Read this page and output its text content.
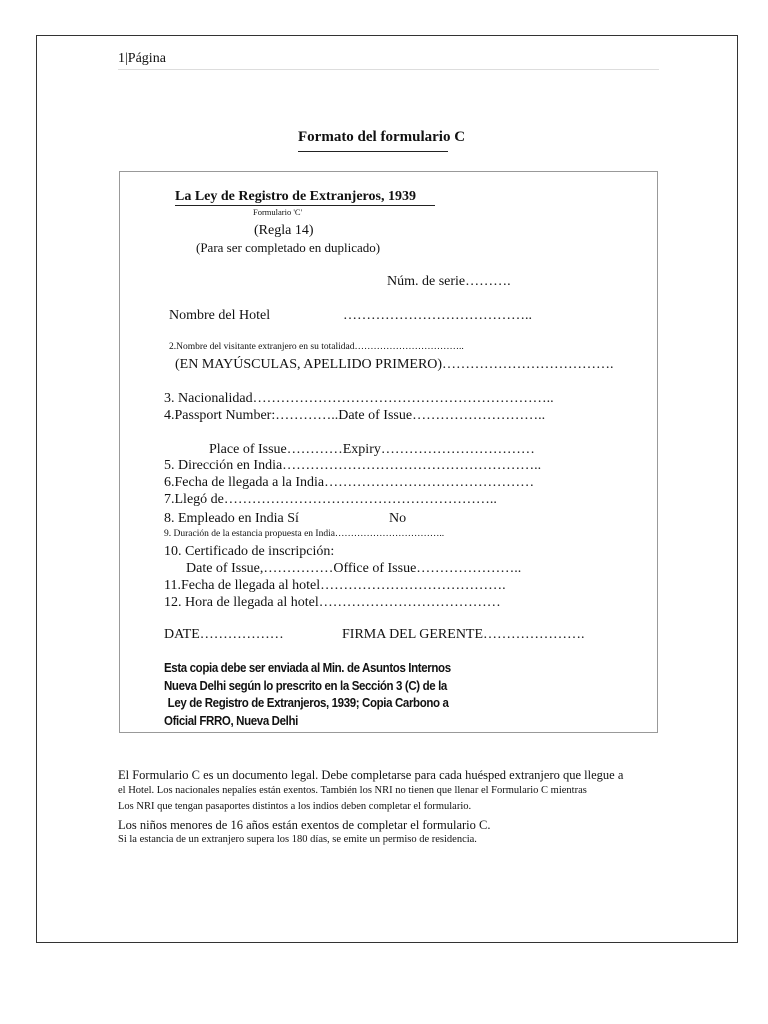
1|Página
Formato del formulario C
La Ley de Registro de Extranjeros, 1939
Formulario 'C'
(Regla 14)
(Para ser completado en duplicado)
Núm. de serie……….
Nombre del Hotel	…………………………………..
2.Nombre del visitante extranjero en su totalidad……………………………..
(EN MAYÚSCULAS, APELLIDO PRIMERO)……………………………….
3. Nacionalidad………………………………………………………..
4.Passport Number:…………..Date of Issue………………………..
Place of Issue…………Expiry……………………………
5. Dirección en India………………………………………………..
6.Fecha de llegada a la India………………………………………
7.Llegó de…………………………………………………..
8. Empleado en India Sí	No
9. Duración de la estancia propuesta en India……………………………..
10. Certificado de inscripción:
Date of Issue,……………Office of Issue…………………..
11.Fecha de llegada al hotel………………………………….
12. Hora de llegada al hotel…………………………………
DATE………………	FIRMA DEL GERENTE………………….
Esta copia debe ser enviada al Min. de Asuntos Internos
Nueva Delhi según lo prescrito en la Sección 3 (C) de la
Ley de Registro de Extranjeros, 1939; Copia Carbono a
Oficial FRRO, Nueva Delhi
El Formulario C es un documento legal. Debe completarse para cada huésped extranjero que llegue a
el Hotel. Los nacionales nepalíes están exentos. También los NRI no tienen que llenar el Formulario C mientras
Los NRI que tengan pasaportes distintos a los indios deben completar el formulario.
Los niños menores de 16 años están exentos de completar el formulario C.
Si la estancia de un extranjero supera los 180 días, se emite un permiso de residencia.
